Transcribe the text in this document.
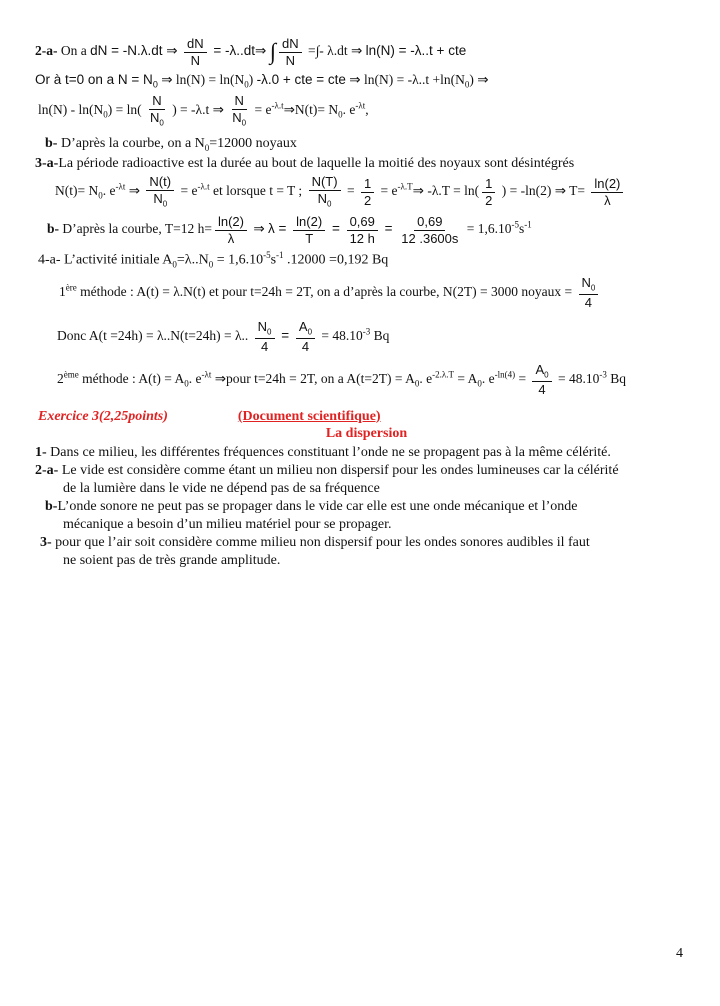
2-a- On a dN = -N.λ.dt ⇒ $\frac{dN}{N}$ = -λ..dt⇒ ∫ $\frac{dN}{N}$ =∫- λ.dt ⇒ ln(N) = -λ..t + cte
Or à t=0 on a $N = N_0$ ⇒ $\ln(N) = \ln(N_0) -\lambda.0$ + cte = cte ⇒ $\ln(N) = -\lambda..t +\ln(N_0)$ ⇒
$\ln(N) - \ln(N_0) = \ln( \frac{N}{N_0}$ ) = -λ.t ⇒ $\frac{N}{N_0}$ = $e^{-\lambda.t}\Rightarrow N(t)= N_0$. $e^{-\lambda t}$,
b- D’après la courbe, on a $N_0=12000$ noyaux
3-a-La période radioactive est la durée au bout de laquelle la moitié des noyaux sont désintégrés
$N(t)= N_0$. $e^{-\lambda t}$ ⇒ $\frac{N(t)}{N_0} = e^{-\lambda.t}$ et lorsque t = T ; $\frac{N(T)}{N_0} = \frac{1}{2}$ = $e^{-\lambda.T}\Rightarrow$ $-\lambda.T = \ln( \frac{1}{2}$ ) = -ln(2) ⇒ $T= \frac{\ln(2)}{\lambda}$
b- D’après la courbe, T=12 $h= \frac{\ln(2)}{\lambda}$ ⇒ $\lambda = \frac{\ln(2)}{T} = \frac{0,69}{12 h} = \frac{0,69}{12 .3600s} = 1,6.10^{-5}s^{-1}$
4-a- L’activité initiale $A_0=\lambda..N_0 = 1,6.10^{-5}s^{-1}$ .12000 =0,192 Bq
1ère méthode : A(t) = λ.N(t) et pour t=24h = 2T, on a d’après la courbe, N(2T) = 3000 noyaux = $\frac{N_0}{4}$
Donc A(t =24h) = λ..N(t=24h) = λ.. $\frac{N_0}{4} = \frac{A_0}{4} = 48.10^{-3}$ Bq
2ème méthode : $A(t) = A_0$. $e^{-\lambda t}$ ⇒pour t=24h = 2T, on a $A(t=2T) = A_0$. $e^{-2.\lambda.T} = A_0$. $e^{-ln(4)} = \frac{A_0}{4} = 48.10^{-3}$ Bq
Exercice 3(2,25points)	(Document scientifique)
La dispersion
1- Dans ce milieu, les différentes fréquences constituant l’onde ne se propagent pas à la même célérité.
2-a- Le vide est considère comme étant un milieu non dispersif pour les ondes lumineuses car la célérité
de la lumière dans le vide ne dépend pas de sa fréquence
b-L’onde sonore ne peut pas se propager dans le vide car elle est une onde mécanique et l’onde
mécanique a besoin d’un milieu matériel pour se propager.
3- pour que l’air soit considère comme milieu non dispersif pour les ondes sonores audibles il faut
ne soient pas de très grande amplitude.
4
